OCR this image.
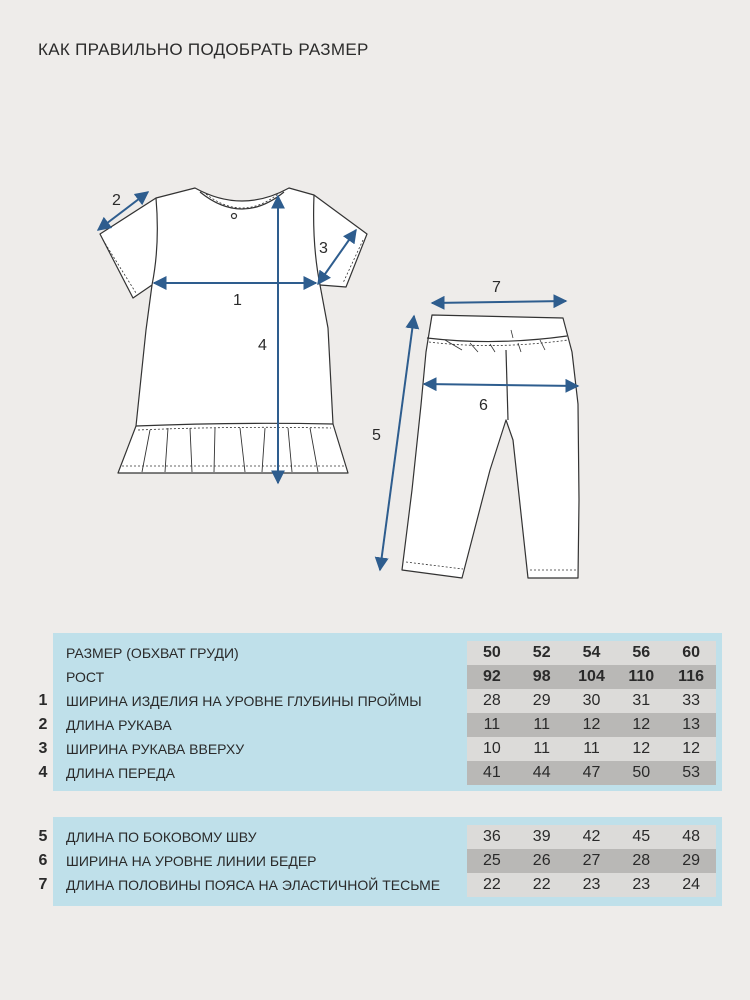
КАК ПРАВИЛЬНО ПОДОБРАТЬ РАЗМЕР
1
2
3
4
5
6
7
РАЗМЕР (ОБХВАТ ГРУДИ)	50	52	54	56	60
РОСТ	92	98	104	110	116
1 ШИРИНА ИЗДЕЛИЯ НА УРОВНЕ ГЛУБИНЫ ПРОЙМЫ	28	29	30	31	33
2 ДЛИНА РУКАВА	11	11	12	12	13
3 ШИРИНА РУКАВА ВВЕРХУ	10	11	11	12	12
4 ДЛИНА ПЕРЕДА	41	44	47	50	53
5 ДЛИНА ПО БОКОВОМУ ШВУ	36	39	42	45	48
6 ШИРИНА НА УРОВНЕ ЛИНИИ БЕДЕР	25	26	27	28	29
7 ДЛИНА ПОЛОВИНЫ ПОЯСА НА ЭЛАСТИЧНОЙ ТЕСЬМЕ	22	22	23	23	24
